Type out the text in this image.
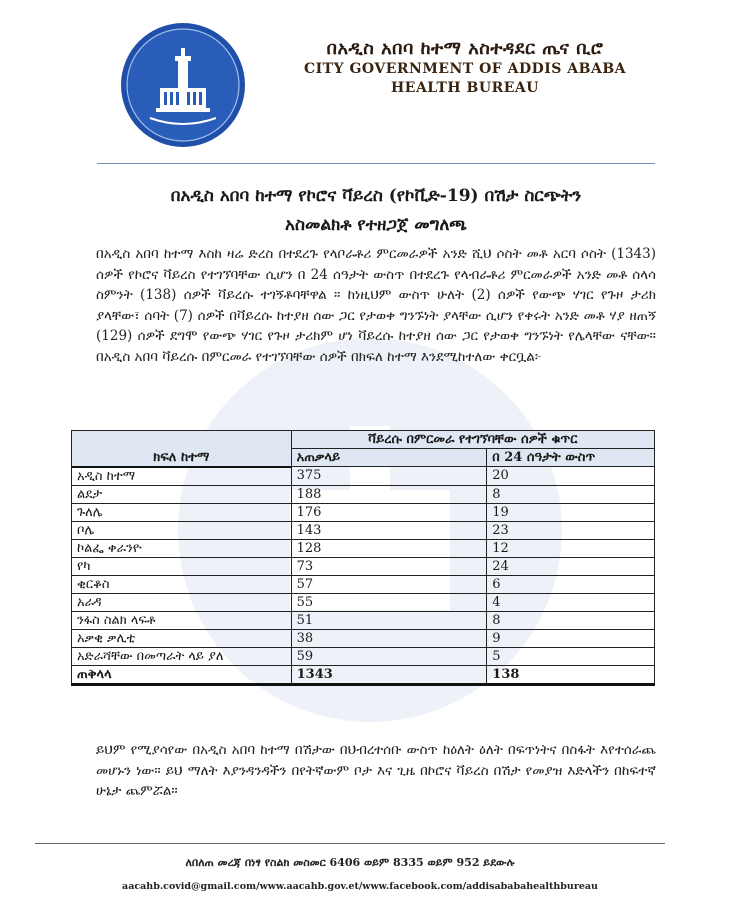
በአዲስ አበባ ከተማ አስተዳደር ጤና ቢሮ
CITY GOVERNMENT OF ADDIS ABABA
HEALTH BUREAU
በአዲስ አበባ ከተማ የኮሮና ቫይረስ (የኮቪድ-19) በሽታ ስርጭትን
አስመልክቶ የተዘጋጀ መግለጫ
በአዲስ አበባ ከተማ እስከ ዛሬ ድረስ በተደረጉ የላቦራቶሪ ምርመራዎች አንድ ሺህ ሶስት መቶ አርባ ሶስት (1343) ሰዎች የኮሮና ቫይረስ የተገኘባቸው ሲሆን በ 24 ሰዓታት ውስጥ በተደረጉ የላብራቶሪ ምርመራዎች አንድ መቶ ሰላሳ ስምንት (138) ሰዎች ቫይረሱ ተገኝቶባቸዋል ። ከነዚህም ውስጥ ሁለት (2) ሰዎች የውጭ ሃገር የጉዞ ታሪክ ያላቸው፣ ሰባት (7) ሰዎች በቫይረሱ ከተያዘ ሰው ጋር የታወቀ ግንኙነት ያላቸው ሲሆን የቀሩት አንድ መቶ ሃያ ዘጠኝ (129) ሰዎች ደግሞ የውጭ ሃገር የጉዞ ታሪክም ሆነ ቫይረሱ ከተያዘ ሰው ጋር የታወቀ ግንኙነት የሌላቸው ናቸው። በአዲስ አበባ ቫይረሱ በምርመራ የተገኘባቸው ሰዎች በክፍለ ከተማ እንደሚከተለው ቀርቧል፦
ክፍለ ከተማ	ቫይረሱ በምርመራ የተገኘባቸው ሰዎች ቁጥር	
	አጠቃላይ	በ 24 ሰዓታት ውስጥ
አዲስ ከተማ	375	20
ልደታ	188	8
ጉለሌ	176	19
ቦሌ	143	23
ኮልፌ ቀራንዮ	128	12
የካ	73	24
ቂርቆስ	57	6
አራዳ	55	4
ንፋስ ስልክ ላፍቶ	51	8
አቃቂ ቃሊቲ	38	9
አድራሻቸው በመጣራት ላይ ያለ	59	5
ጠቅላላ	1343	138
ይህም የሚያሳየው በአዲስ አበባ ከተማ በሽታው በህብረተሰቡ ውስጥ ከዕለት ዕለት በፍጥነትና በስፋት እየተሰራጨ መሆኑን ነው። ይህ ማለት እያንዳንዳችን በየትኛውም ቦታ እና ጊዜ በኮሮና ቫይረስ በሽታ የመያዝ እድላችን በከፍተኛ ሁኔታ ጨምሯል።
ለበለጠ መረጃ በነፃ የስልክ መስመር 6406 ወይም 8335 ወይም 952 ይደውሉ
aacahb.covid@gmail.com/www.aacahb.gov.et/www.facebook.com/addisababahealthbureau
